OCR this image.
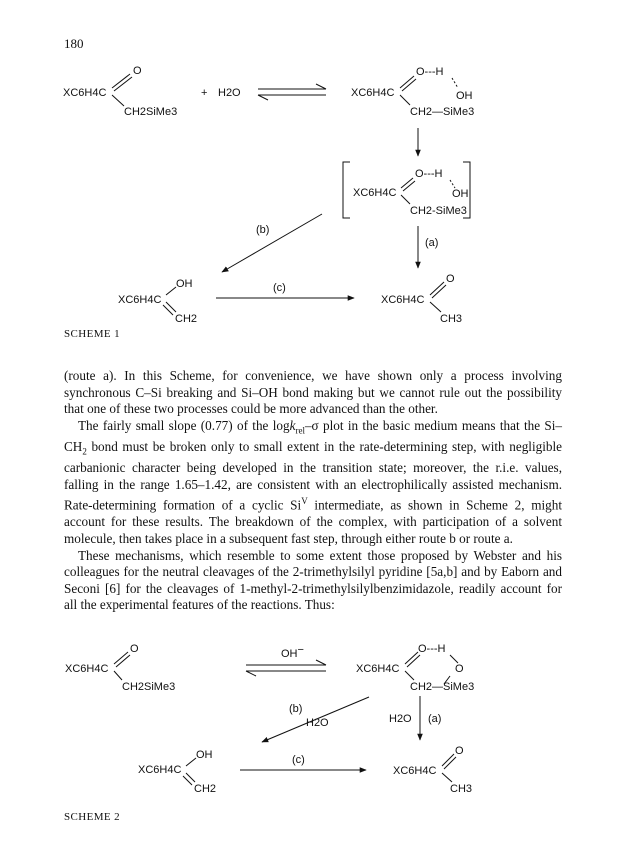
180
XC6H4C
O
CH2SiMe3
+ H2O	XC6H4C
O---H
OH
CH2—SiMe3
XC6H4C
O---H
OH
CH2-SiMe3
(a)
(b)
OH
XC6H4C
CH2
(c)
XC6H4C
O
CH3
SCHEME 1

(route a). In this Scheme, for convenience, we have shown only a process involving synchronous C–Si breaking and Si–OH bond making but we cannot rule out the possibility that one of these two processes could be more advanced than the other.

The fairly small slope (0.77) of the logk$_{rel}$–σ plot in the basic medium means that the $Si-CH_2$ bond must be broken only to small extent in the rate-determining step, with negligible carbanionic character being developed in the transition state; moreover, the r.i.e. values, falling in the range 1.65–1.42, are consistent with an electrophilically assisted mechanism. Rate-determining formation of a cyclic $Si^V$ intermediate, as shown in Scheme 2, might account for these results. The breakdown of the complex, with participation of a solvent molecule, then takes place in a subsequent fast step, through either route b or route a.

These mechanisms, which resemble to some extent those proposed by Webster and his colleagues for the neutral cleavages of the 2-trimethylsilyl pyridine [5a,b] and by Eaborn and Seconi [6] for the cleavages of 1-methyl-2-trimethylsilylbenzimidazole, readily account for all the experimental features of the reactions. Thus:

XC6H4C
O
CH2SiMe3
OH−
XC6H4C
O---H
O
CH2—SiMe3
H2O (a)
(b)
H2O
OH
XC6H4C
CH2
(c)
XC6H4C
O
CH3
SCHEME 2
